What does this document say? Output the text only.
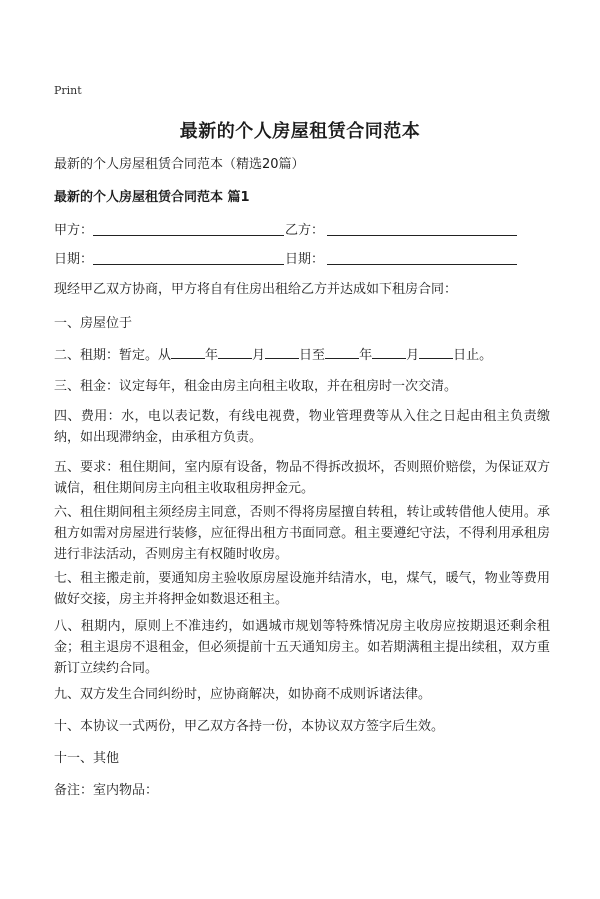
Print
最新的个人房屋租赁合同范本
最新的个人房屋租赁合同范本（精选20篇）
最新的个人房屋租赁合同范本 篇1
甲方：	乙方：
日期：	日期：
现经甲乙双方协商，甲方将自有住房出租给乙方并达成如下租房合同：
一、房屋位于
二、租期：暂定。从	年	月	日至	年	月	日止。
三、租金：议定每年，租金由房主向租主收取，并在租房时一次交清。
四、费用：水，电以表记数，有线电视费，物业管理费等从入住之日起由租主负责缴纳，如出现滞纳金，由承租方负责。
五、要求：租住期间，室内原有设备，物品不得拆改损坏，否则照价赔偿，为保证双方诚信，租住期间房主向租主收取租房押金元。
六、租住期间租主须经房主同意，否则不得将房屋擅自转租，转让或转借他人使用。承租方如需对房屋进行装修，应征得出租方书面同意。租主要遵纪守法，不得利用承租房进行非法活动，否则房主有权随时收房。
七、租主搬走前，要通知房主验收原房屋设施并结清水，电，煤气，暖气，物业等费用做好交接，房主并将押金如数退还租主。
八、租期内，原则上不准违约，如遇城市规划等特殊情况房主收房应按期退还剩余租金；租主退房不退租金，但必须提前十五天通知房主。如若期满租主提出续租，双方重新订立续约合同。
九、双方发生合同纠纷时，应协商解决，如协商不成则诉诸法律。
十、本协议一式两份，甲乙双方各持一份，本协议双方签字后生效。
十一、其他
备注：室内物品：
